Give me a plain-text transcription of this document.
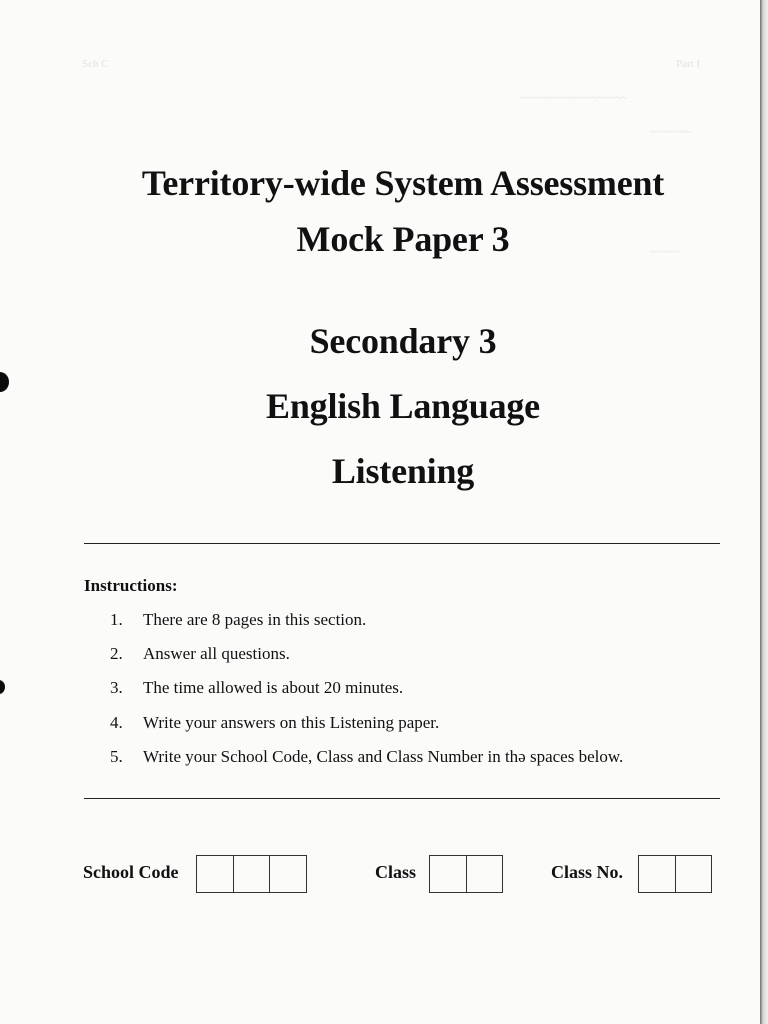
Part I
Sch C
~~~~~~~~~~~~~~~~~~
~~~~~~~
~~~~~
Territory-wide System Assessment
Mock Paper 3
Secondary 3
English Language
Listening
Instructions:
1.	There are 8 pages in this section.
2.	Answer all questions.
3.	The time allowed is about 20 minutes.
4.	Write your answers on this Listening paper.
5.	Write your School Code, Class and Class Number in thə spaces below.
School Code	Class	Class No.
